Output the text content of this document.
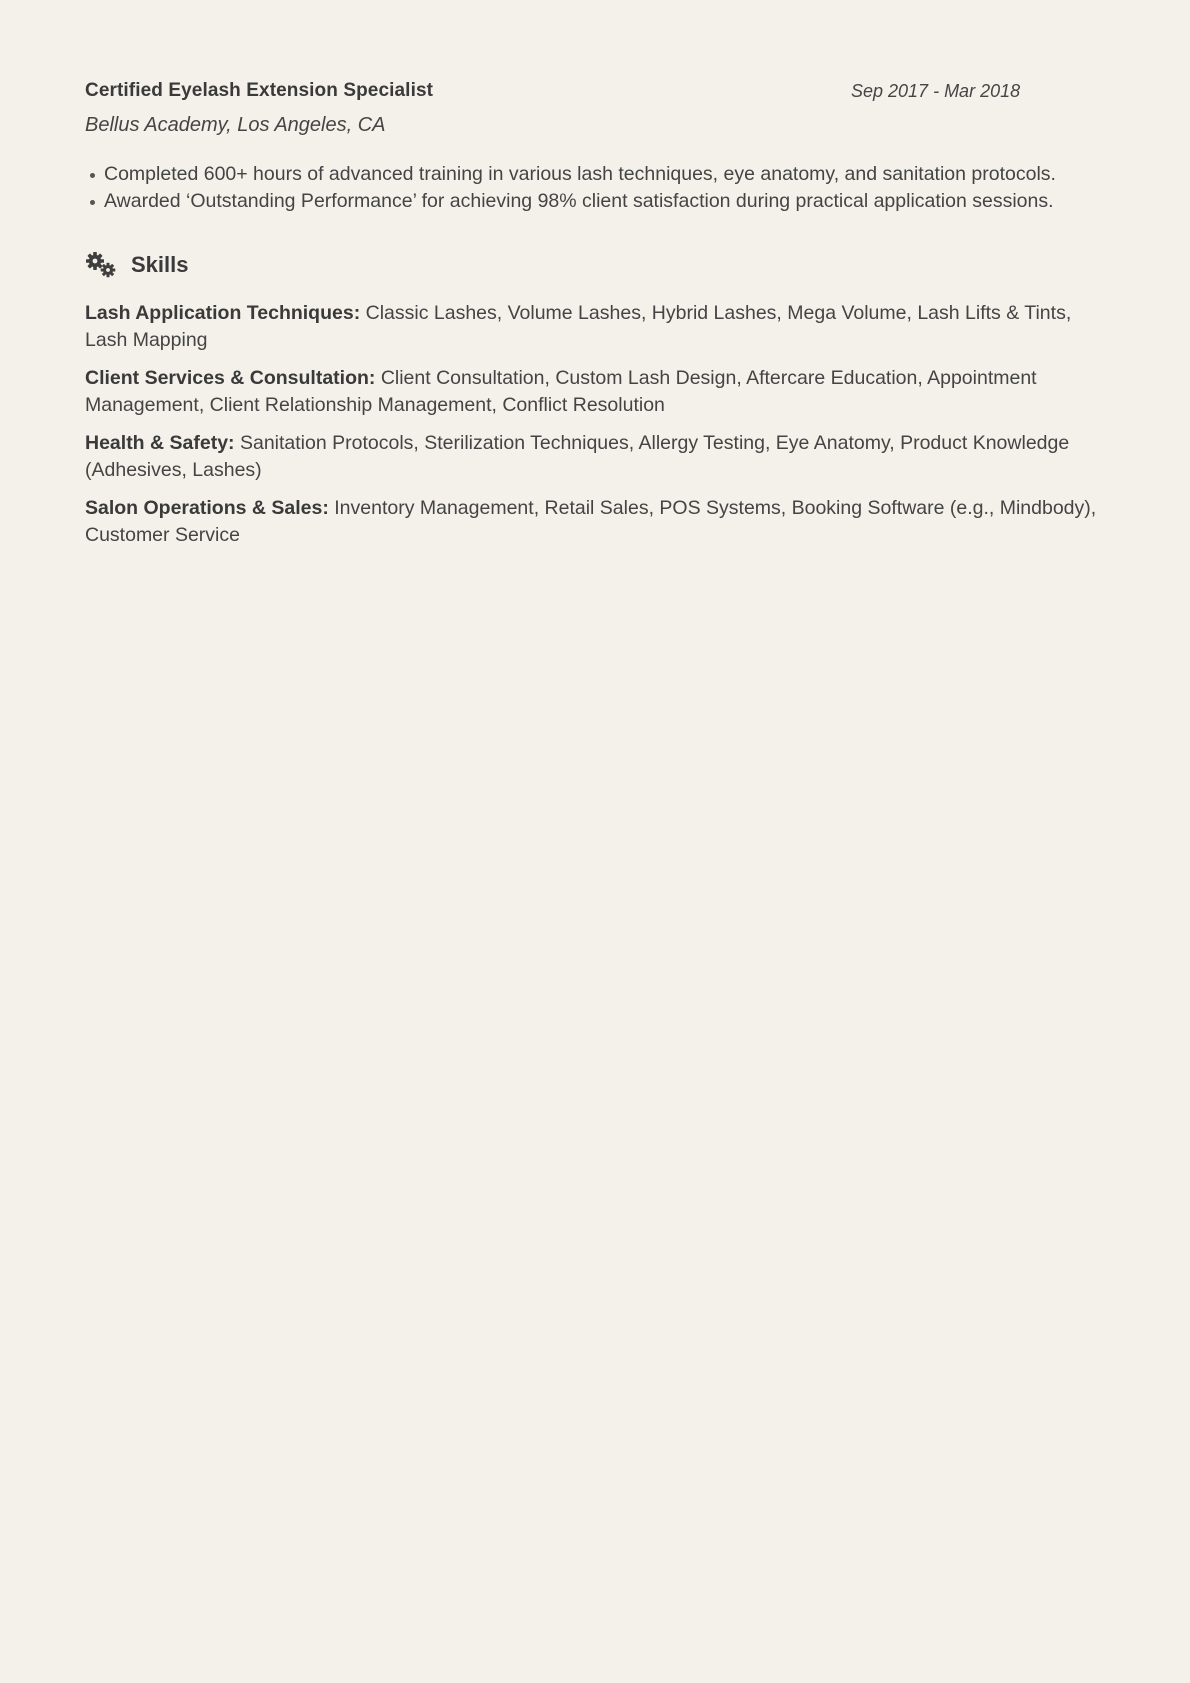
Certified Eyelash Extension Specialist	Sep 2017 - Mar 2018
Bellus Academy, Los Angeles, CA
Completed 600+ hours of advanced training in various lash techniques, eye anatomy, and sanitation protocols.
Awarded ‘Outstanding Performance’ for achieving 98% client satisfaction during practical application sessions.
Skills
Lash Application Techniques: Classic Lashes, Volume Lashes, Hybrid Lashes, Mega Volume, Lash Lifts & Tints, Lash Mapping
Client Services & Consultation: Client Consultation, Custom Lash Design, Aftercare Education, Appointment Management, Client Relationship Management, Conflict Resolution
Health & Safety: Sanitation Protocols, Sterilization Techniques, Allergy Testing, Eye Anatomy, Product Knowledge (Adhesives, Lashes)
Salon Operations & Sales: Inventory Management, Retail Sales, POS Systems, Booking Software (e.g., Mindbody), Customer Service
